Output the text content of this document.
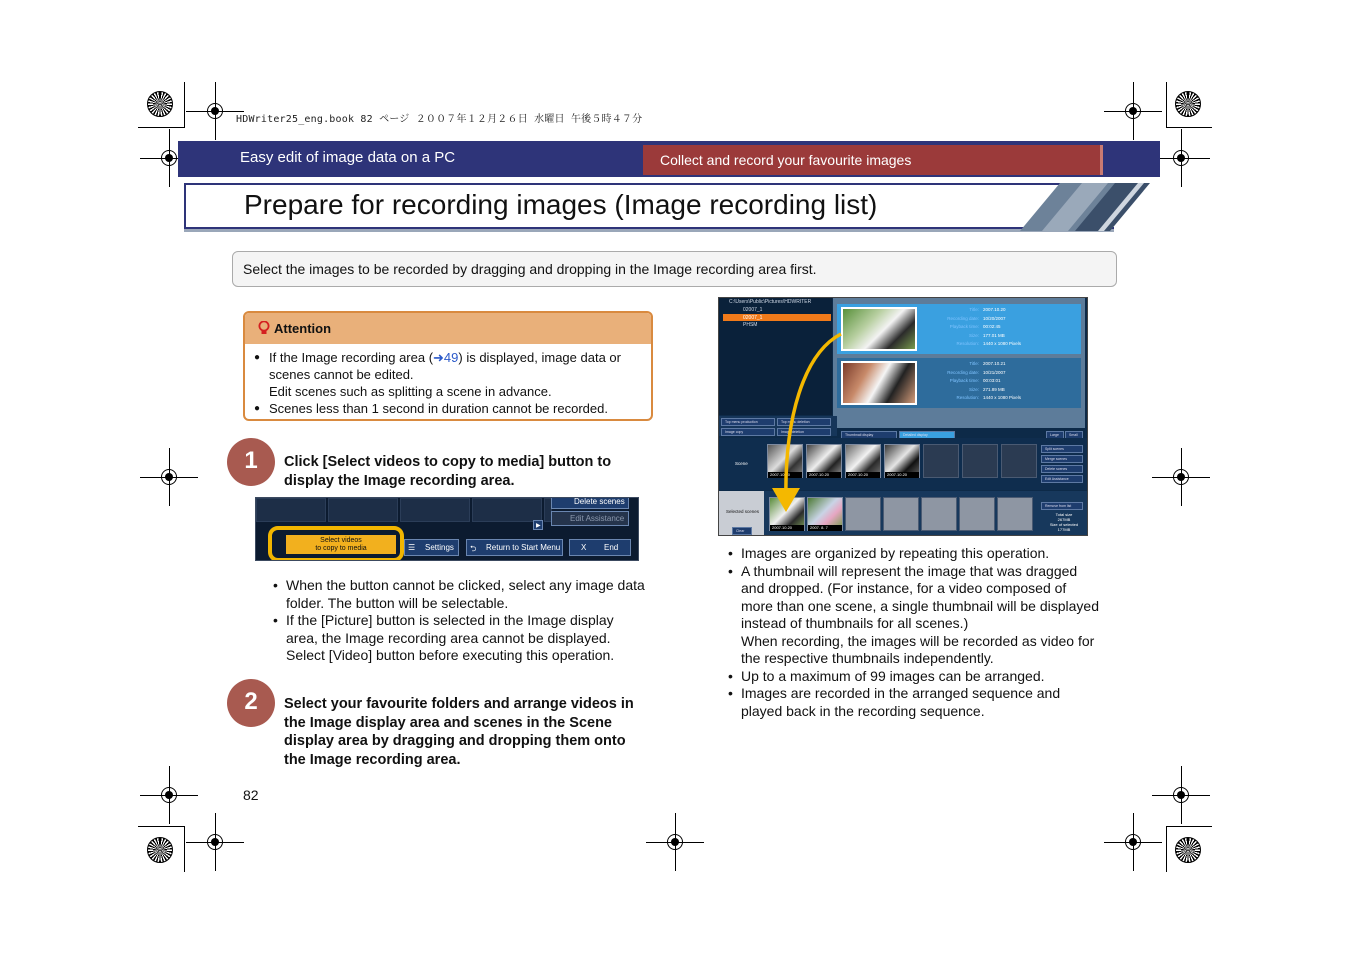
HDWriter25_eng.book 82 ページ ２００７年１２月２６日 水曜日 午後５時４７分
Easy edit of image data on a PC	Collect and record your favourite images
Prepare for recording images (Image recording list)
Select the images to be recorded by dragging and dropping in the Image recording area first.
Attention
● If the Image recording area (➜49) is displayed, image data or
scenes cannot be edited.
Edit scenes such as splitting a scene in advance.
● Scenes less than 1 second in duration cannot be recorded.
1	Click [Select videos to copy to media] button to
display the Image recording area.
Delete scenes
Edit Assistance
▶
Select videos
to copy to media	☰ Settings ⮌ Return to Start Menu	X End
• When the button cannot be clicked, select any image data
folder. The button will be selectable.
• If the [Picture] button is selected in the Image display
area, the Image recording area cannot be displayed.
Select [Video] button before executing this operation.
2	Select your favourite folders and arrange videos in
the Image display area and scenes in the Scene
display area by dragging and dropping them onto
the Image recording area.
C:\Users\Public\Pictures\HDWRITER
02007_1
02007_1
PHSM
Title: 2007.10.20
Recording date: 10/20/2007
Playback time: 00:02:45
Size: 177.01 MB
Resolution: 1440 x 1080 Pixels
Title: 2007.10.21
Recording date: 10/21/2007
Playback time: 00:03:01
Size: 271.89 MB
Resolution: 1440 x 1080 Pixels
Top menu production	Top menu deletion
Image copy	Image deletion
Thumbnail display	Detailed display	Large	Small
Scene
2007.10.20	2007.10.20	2007.10.20	2007.10.20
Split scenes
Merge scenes
Delete scenes
Edit Assistance
Selected scenes
Clear
2007.10.20	2007. 8. 7
Remove from list
Total size
267MB
Size of selected
177MB
• Images are organized by repeating this operation.
• A thumbnail will represent the image that was dragged
and dropped. (For instance, for a video composed of
more than one scene, a single thumbnail will be displayed
instead of thumbnails for all scenes.)
When recording, the images will be recorded as video for
the respective thumbnails independently.
• Up to a maximum of 99 images can be arranged.
• Images are recorded in the arranged sequence and
played back in the recording sequence.
82
